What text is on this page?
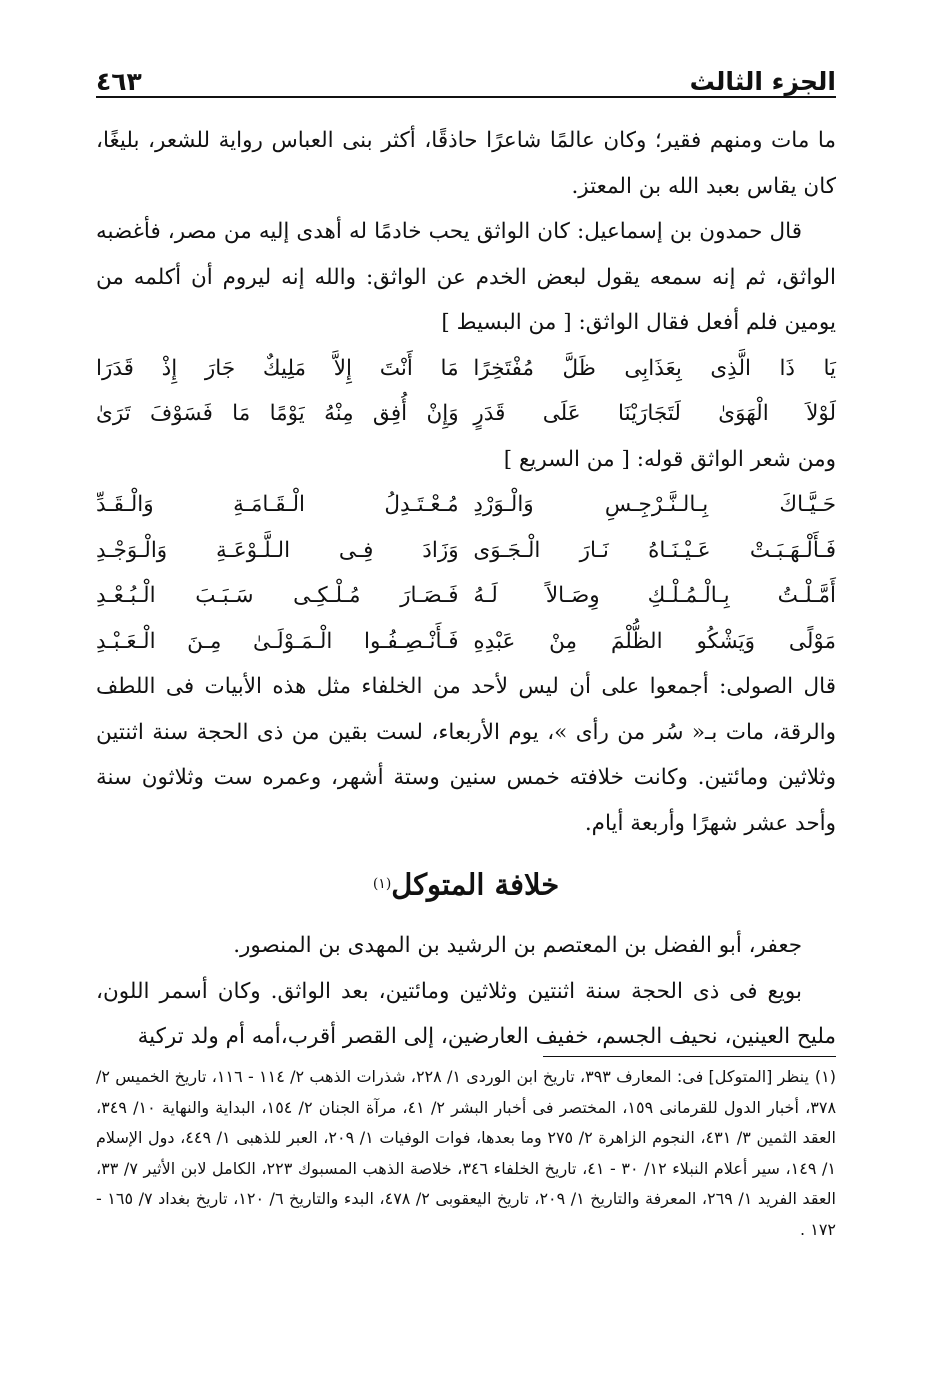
الجزء الثالث
٤٦٣

ما مات ومنهم فقير؛ وكان عالمًا شاعرًا حاذقًا، أكثر بنى العباس رواية للشعر، بليغًا، كان يقاس بعبد الله بن المعتز.

قال حمدون بن إسماعيل: كان الواثق يحب خادمًا له أهدى إليه من مصر، فأغضبه الواثق، ثم إنه سمعه يقول لبعض الخدم عن الواثق: والله إنه ليروم أن أكلمه من يومين فلم أفعل فقال الواثق: [ من البسيط ]

يَا ذَا الَّذِى بِعَذَابِى ظَلَّ مُفْتَخِرًا
مَا أَنْتَ إِلاَّ مَلِيكٌ جَارَ إِذْ قَدَرَا
لَوْلاَ الْهَوَىٰ لَتَجَارَيْنَا عَلَى قَدَرٍ
وَإِنْ أُفِق مِنْهُ يَوْمًا مَا فَسَوْفَ تَرَىٰ

ومن شعر الواثق قوله: [ من السريع ]

حَـيَّـاكَ بِـالـنَّـرْجِـسِ وَالْـوَرْدِ
مُـعْـتَـدِلُ الْـقَـامَـةِ وَالْـقَـدِّ
فَـأَلْـهَـبَـتْ عَـيْـنَـاهُ نَـارَ الْـجَـوَى
وَزَادَ فِـى الـلَّـوْعَـةِ وَالْـوَجْـدِ
أَمَّـلْـتُ بِـالْـمُـلْـكِ وِصَـالاً لَـهُ
فَـصَـارَ مُـلْـكِـى سَـبَـبَ الْـبُـعْـدِ
مَوْلًى وَيَشْكُو الظُّلْمَ مِنْ عَبْدِهِ
فَـأَنْـصِـفُـوا الْـمَـوْلَـىٰ مِـنَ الْـعَـبْـدِ

قال الصولى: أجمعوا على أن ليس لأحد من الخلفاء مثل هذه الأبيات فى اللطف والرقة، مات بـ« سُر من رأى »، يوم الأربعاء، لست بقين من ذى الحجة سنة اثنتين وثلاثين ومائتين. وكانت خلافته خمس سنين وستة أشهر، وعمره ست وثلاثون سنة وأحد عشر شهرًا وأربعة أيام.

خلافة المتوكل(١)

جعفر، أبو الفضل بن المعتصم بن الرشيد بن المهدى بن المنصور.

بويع فى ذى الحجة سنة اثنتين وثلاثين ومائتين، بعد الواثق. وكان أسمر اللون، مليح العينين، نحيف الجسم، خفيف العارضين، إلى القصر أقرب،أمه أم ولد تركية

(١)ينظر [المتوكل] فى: المعارف ٣٩٣، تاريخ ابن الوردى ١/ ٢٢٨، شذرات الذهب ٢/ ١١٤ - ١١٦، تاريخ الخميس ٢/ ٣٧٨، أخبار الدول للقرمانى ١٥٩، المختصر فى أخبار البشر ٢/ ٤١، مرآة الجنان ٢/ ١٥٤، البداية والنهاية ١٠/ ٣٤٩، العقد الثمين ٣/ ٤٣١، النجوم الزاهرة ٢/ ٢٧٥ وما بعدها، فوات الوفيات ١/ ٢٠٩، العبر للذهبى ١/ ٤٤٩، دول الإسلام ١/ ١٤٩، سير أعلام النبلاء ١٢/ ٣٠ - ٤١، تاريخ الخلفاء ٣٤٦، خلاصة الذهب المسبوك ٢٢٣، الكامل لابن الأثير ٧/ ٣٣، العقد الفريد ١/ ٢٦٩، المعرفة والتاريخ ١/ ٢٠٩، تاريخ اليعقوبى ٢/ ٤٧٨، البدء والتاريخ ٦/ ١٢٠، تاريخ بغداد ٧/ ١٦٥ - ١٧٢ .
